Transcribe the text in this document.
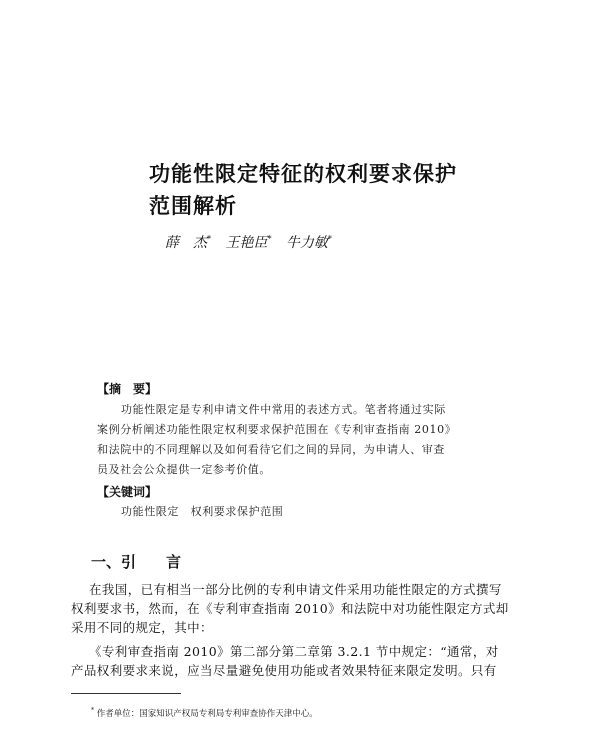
功能性限定特征的权利要求保护
范围解析
薛　杰* 王艳臣* 牛力敏*
【摘　要】
功能性限定是专利申请文件中常用的表述方式。笔者将通过实际
案例分析阐述功能性限定权利要求保护范围在《专利审查指南 2010》
和法院中的不同理解以及如何看待它们之间的异同，为申请人、审查
员及社会公众提供一定参考价值。
【关键词】
功能性限定　权利要求保护范围
一、引　　言
在我国，已有相当一部分比例的专利申请文件采用功能性限定的方式撰写
权利要求书，然而，在《专利审查指南 2010》和法院中对功能性限定方式却
采用不同的规定，其中：
《专利审查指南 2010》第二部分第二章第 3.2.1 节中规定：“通常，对
产品权利要求来说，应当尽量避免使用功能或者效果特征来限定发明。只有
* 作者单位：国家知识产权局专利局专利审查协作天津中心。
